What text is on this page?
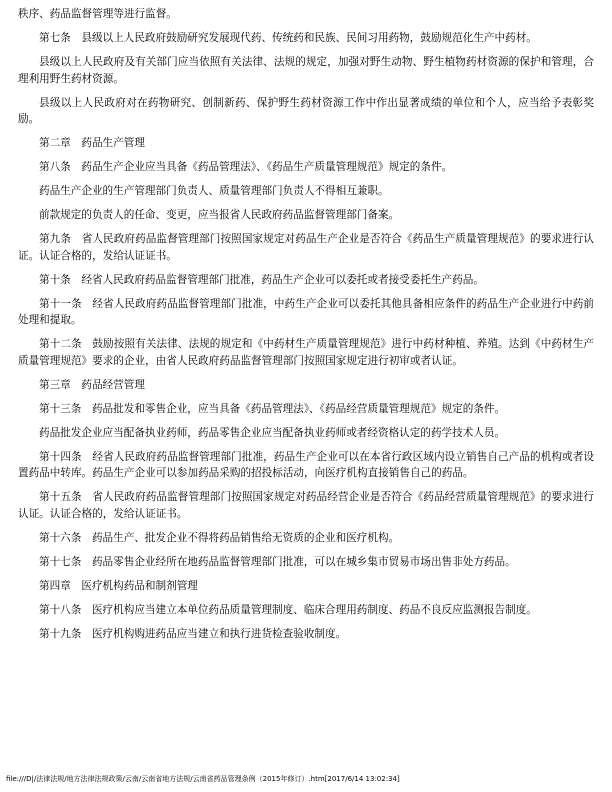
秩序、药品监督管理等进行监督。

第七条　县级以上人民政府鼓励研究发展现代药、传统药和民族、民间习用药物，鼓励规范化生产中药材。

县级以上人民政府及有关部门应当依照有关法律、法规的规定，加强对野生动物、野生植物药材资源的保护和管理，合理利用野生药材资源。

县级以上人民政府对在药物研究、创制新药、保护野生药材资源工作中作出显著成绩的单位和个人，应当给予表彰奖励。

第二章　药品生产管理

第八条　药品生产企业应当具备《药品管理法》、《药品生产质量管理规范》规定的条件。

药品生产企业的生产管理部门负责人、质量管理部门负责人不得相互兼职。

前款规定的负责人的任命、变更，应当报省人民政府药品监督管理部门备案。

第九条　省人民政府药品监督管理部门按照国家规定对药品生产企业是否符合《药品生产质量管理规范》的要求进行认证。认证合格的，发给认证证书。

第十条　经省人民政府药品监督管理部门批准，药品生产企业可以委托或者接受委托生产药品。

第十一条　经省人民政府药品监督管理部门批准，中药生产企业可以委托其他具备相应条件的药品生产企业进行中药前处理和提取。

第十二条　鼓励按照有关法律、法规的规定和《中药材生产质量管理规范》进行中药材种植、养殖。达到《中药材生产质量管理规范》要求的企业，由省人民政府药品监督管理部门按照国家规定进行初审或者认证。

第三章　药品经营管理

第十三条　药品批发和零售企业，应当具备《药品管理法》、《药品经营质量管理规范》规定的条件。

药品批发企业应当配备执业药师，药品零售企业应当配备执业药师或者经资格认定的药学技术人员。

第十四条　经省人民政府药品监督管理部门批准，药品生产企业可以在本省行政区域内设立销售自己产品的机构或者设置药品中转库。药品生产企业可以参加药品采购的招投标活动，向医疗机构直接销售自己的药品。

第十五条　省人民政府药品监督管理部门按照国家规定对药品经营企业是否符合《药品经营质量管理规范》的要求进行认证。认证合格的，发给认证证书。

第十六条　药品生产、批发企业不得将药品销售给无资质的企业和医疗机构。

第十七条　药品零售企业经所在地药品监督管理部门批准，可以在城乡集市贸易市场出售非处方药品。

第四章　医疗机构药品和制剂管理

第十八条　医疗机构应当建立本单位药品质量管理制度、临床合理用药制度、药品不良反应监测报告制度。

第十九条　医疗机构购进药品应当建立和执行进货检查验收制度。

file:///D|/法律法规/地方法律法规政策/云南/云南省地方法规/云南省药品管理条例（2015年修订）.htm[2017/6/14 13:02:34]
